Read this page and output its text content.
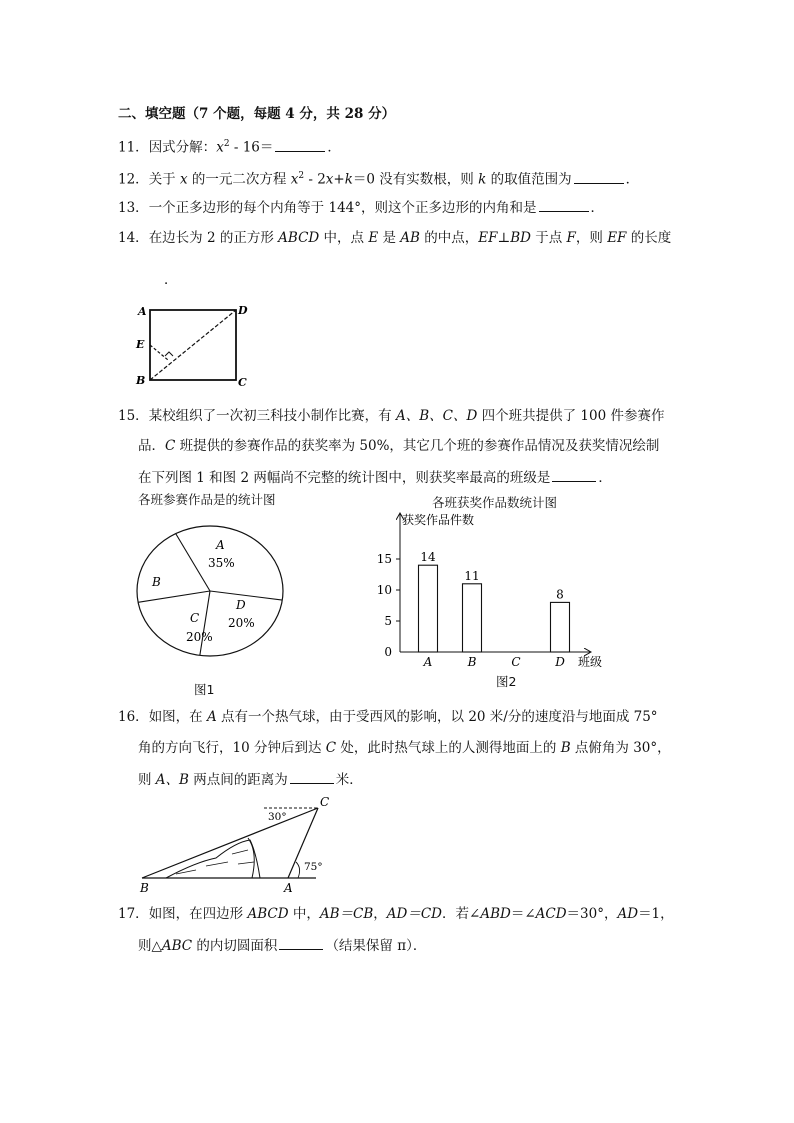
二、填空题（7 个题，每题 4 分，共 28 分）
11．因式分解：$x^2 - 16=$	．
12．关于 x 的一元二次方程 $x^2 - 2x+k=0$ 没有实数根，则 k 的取值范围为	．
13．一个正多边形的每个内角等于 144°，则这个正多边形的内角和是	．
14．在边长为 2 的正方形 ABCD 中，点 E 是 AB 的中点，EF⊥BD 于点 F，则 EF 的长度
．
A	D
E
B	C
15．某校组织了一次初三科技小制作比赛，有 A、B、C、D 四个班共提供了 100 件参赛作
品．C 班提供的参赛作品的获奖率为 50%，其它几个班的参赛作品情况及获奖情况绘制
在下列图 1 和图 2 两幅尚不完整的统计图中，则获奖率最高的班级是	．
各班参赛作品是的统计图	各班获奖作品数统计图
A
35%
B
C
20%
D
20%
图1
获奖作品件数
班级
0
5
10
15
A	B	C	D
14
11
8
图2
16．如图，在 A 点有一个热气球，由于受西风的影响，以 20 米/分的速度沿与地面成 75°
角的方向飞行，10 分钟后到达 C 处，此时热气球上的人测得地面上的 B 点俯角为 30°，
则 A、B 两点间的距离为	米．
C
B	A
30°
75°
17．如图，在四边形 ABCD 中，AB＝CB，AD＝CD．若∠ABD＝∠ACD＝30°，AD＝1，
则△ABC 的内切圆面积	（结果保留 π）．
